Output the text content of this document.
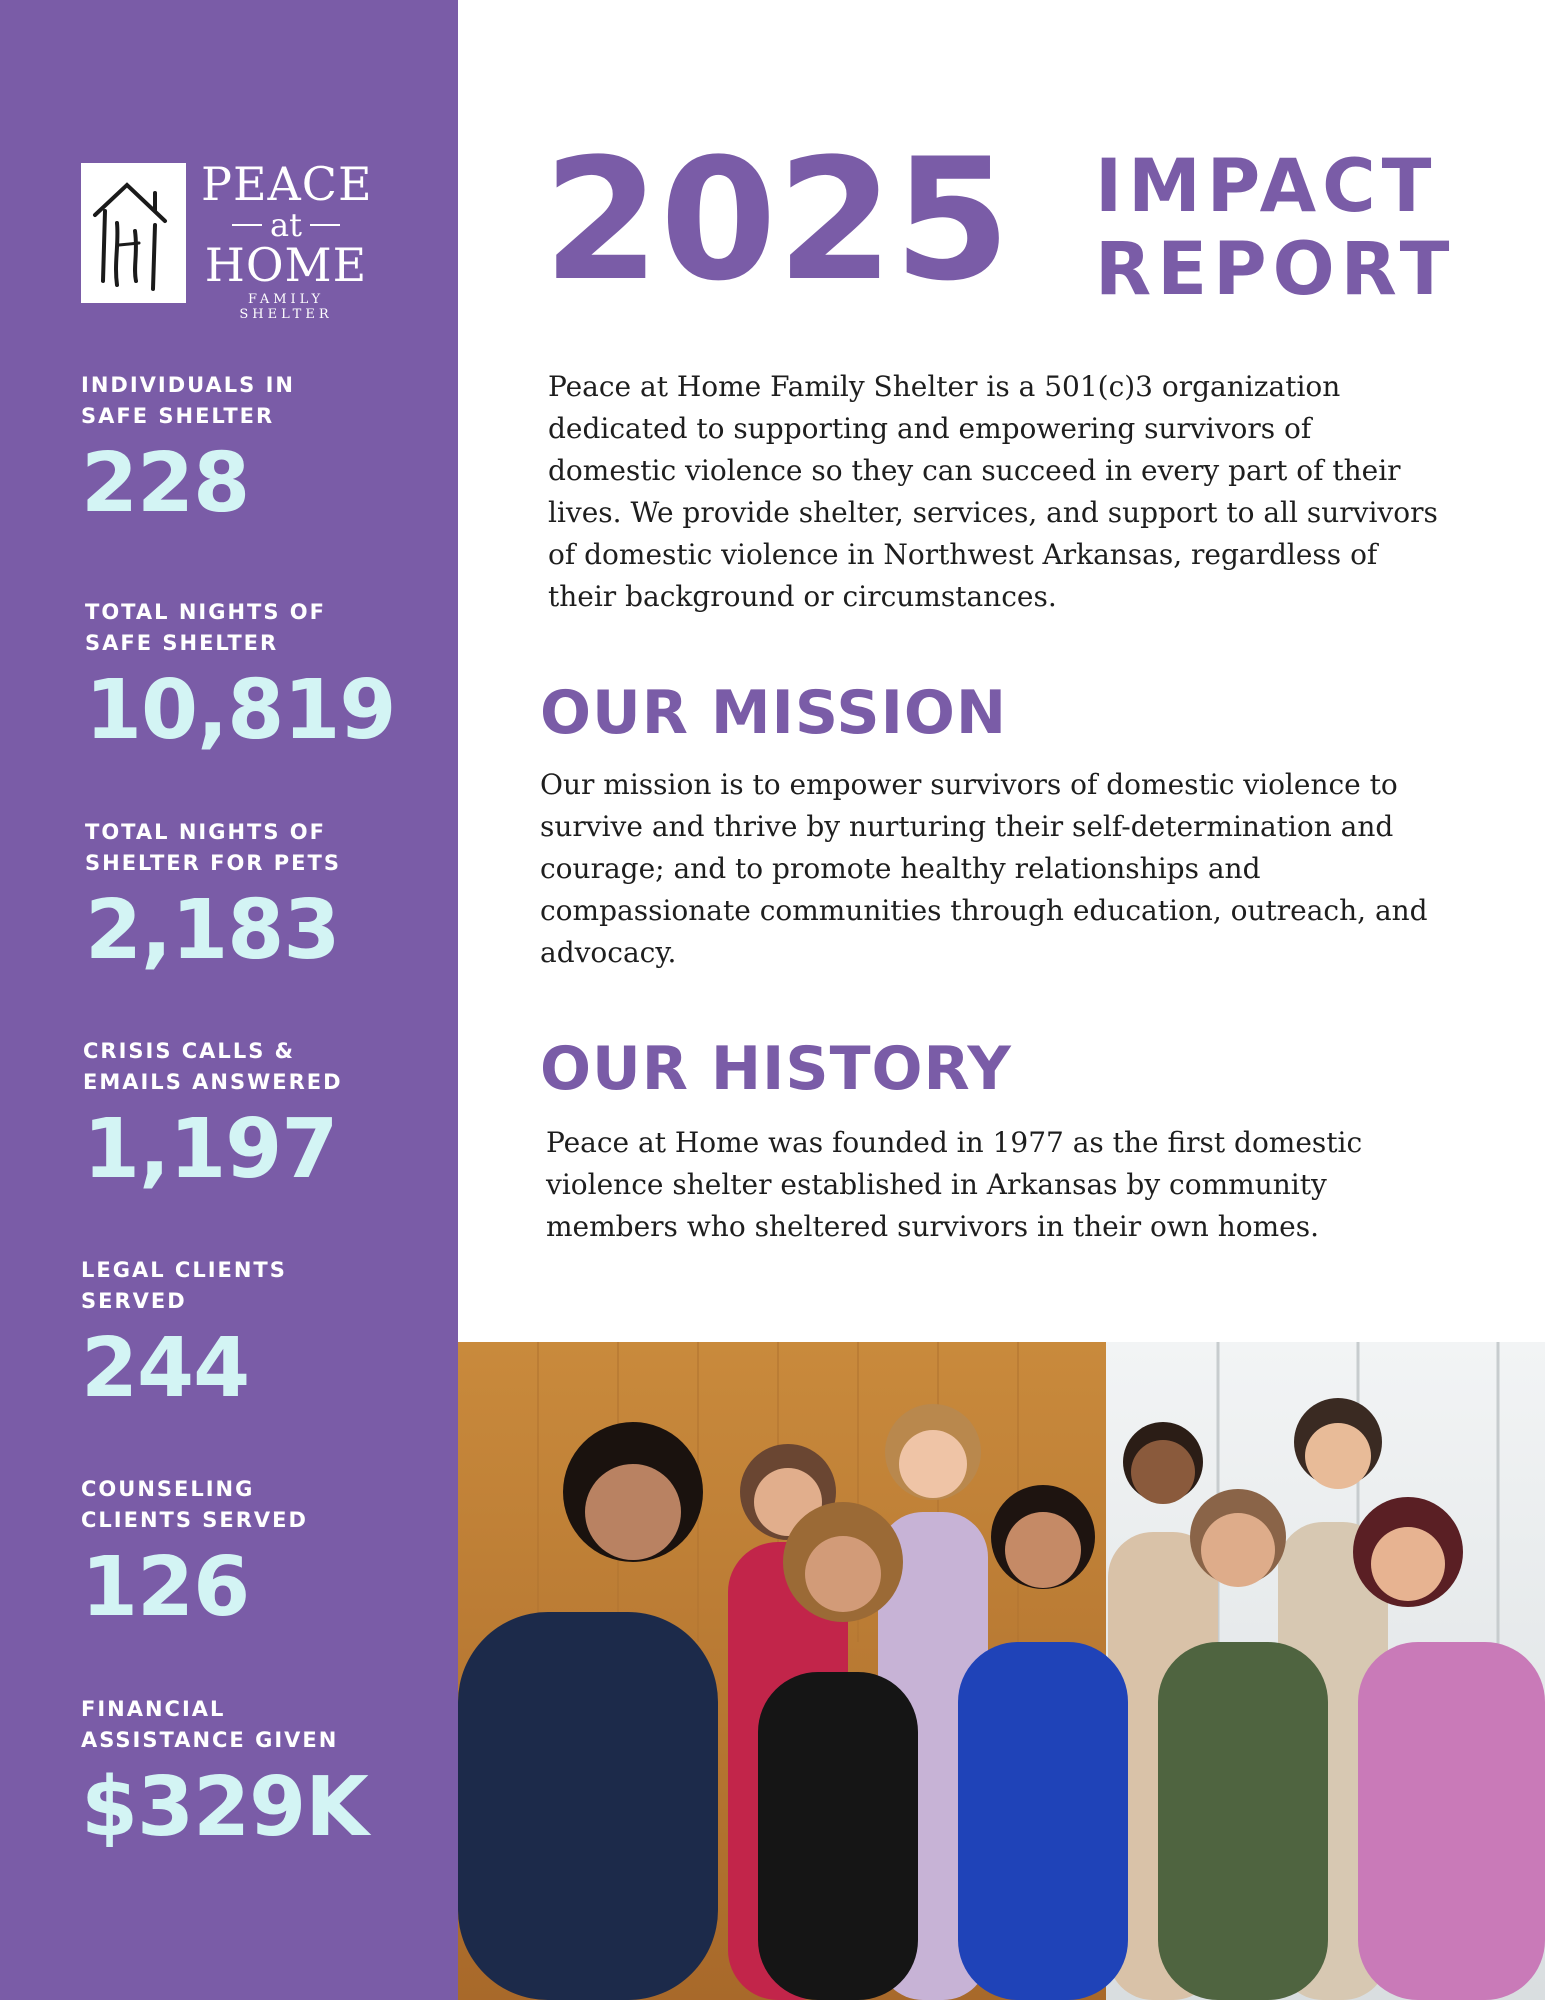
PEACE
at
HOME
FAMILY SHELTER
INDIVIDUALS IN
SAFE SHELTER
228
TOTAL NIGHTS OF
SAFE SHELTER
10,819
TOTAL NIGHTS OF
SHELTER FOR PETS
2,183
CRISIS CALLS &
EMAILS ANSWERED
1,197
LEGAL CLIENTS
SERVED
244
COUNSELING
CLIENTS SERVED
126
FINANCIAL
ASSISTANCE GIVEN
$329K
2025 IMPACT
REPORT

Peace at Home Family Shelter is a 501(c)3 organization dedicated to supporting and empowering survivors of domestic violence so they can succeed in every part of their lives. We provide shelter, services, and support to all survivors of domestic violence in Northwest Arkansas, regardless of their background or circumstances.

OUR MISSION

Our mission is to empower survivors of domestic violence to survive and thrive by nurturing their self-determination and courage; and to promote healthy relationships and compassionate communities through education, outreach, and advocacy.

OUR HISTORY

Peace at Home was founded in 1977 as the first domestic violence shelter established in Arkansas by community members who sheltered survivors in their own homes.
